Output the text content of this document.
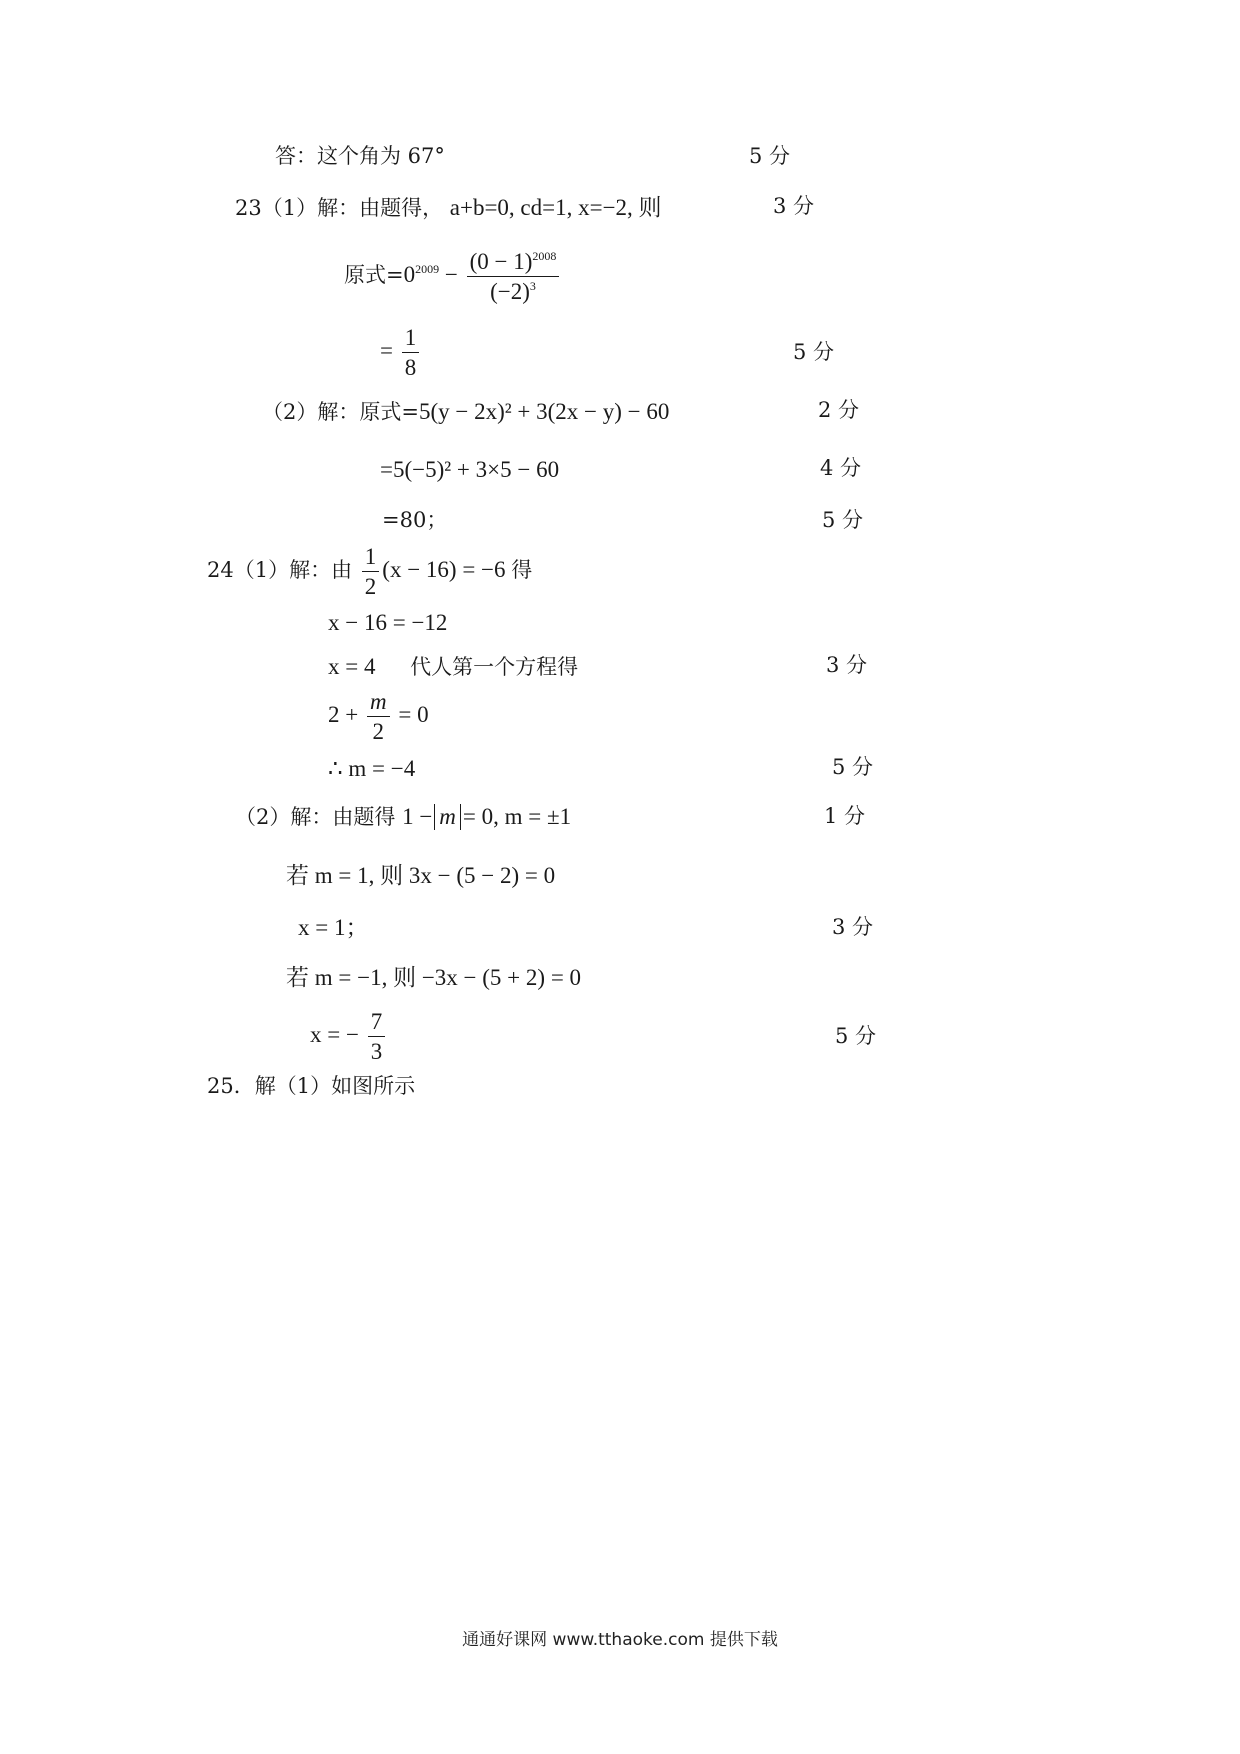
答：这个角为 67°	5 分
23（1）解：由题得， a+b=0, cd=1, x=−2, 则	3 分
原式$=0^{2009} - \frac{(0 - 1)^{2008}}{(-2)^3}$
= $\frac{1}{8}$	5 分
（2）解：原式=5(y − 2x)² + 3(2x − y) − 60	2 分
=5(−5)² + 3×5 − 60	4 分
=80；	5 分
24（1）解：由 $\frac{1}{2} (x - 16) = -6$ 得
x − 16 = −12
x = 4 代人第一个方程得	3 分
$2 + \frac{m}{2} = 0$
∴ m = −4	5 分
（2）解：由题得 1 − m = 0, m = ±1	1 分
若 m = 1, 则 3x − (5 − 2) = 0
x = 1；	3 分
若 m = −1, 则 −3x − (5 + 2) = 0
x = − $\frac{7}{3}$	5 分
25．解（1）如图所示
通通好课网 www.tthaoke.com 提供下载
